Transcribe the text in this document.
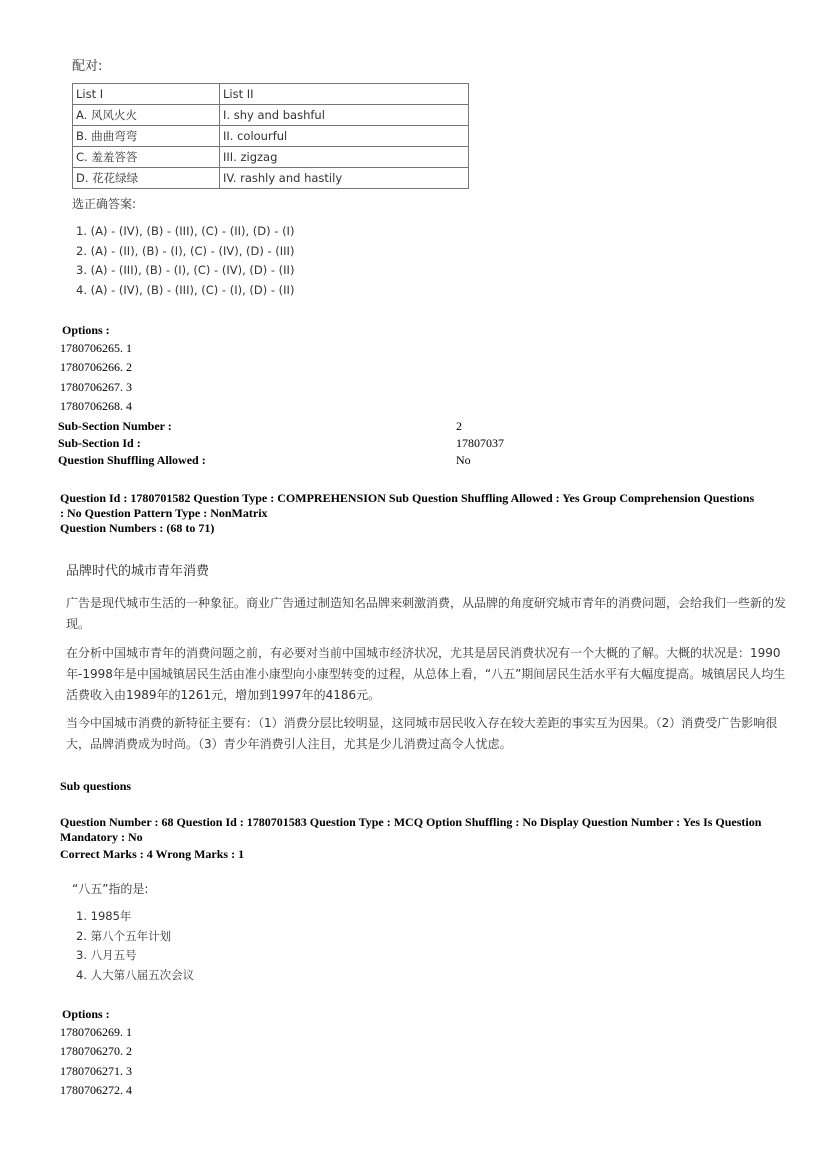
配对:
List I	List II
A. 风风火火	I. shy and bashful
B. 曲曲弯弯	II. colourful
C. 羞羞答答	III. zigzag
D. 花花绿绿	IV. rashly and hastily
选正确答案:
1. (A) - (IV), (B) - (III), (C) - (II), (D) - (I)
2. (A) - (II), (B) - (I), (C) - (IV), (D) - (III)
3. (A) - (III), (B) - (I), (C) - (IV), (D) - (II)
4. (A) - (IV), (B) - (III), (C) - (I), (D) - (II)
Options :
1780706265. 1
1780706266. 2
1780706267. 3
1780706268. 4
Sub-Section Number :	2
Sub-Section Id :	17807037
Question Shuffling Allowed :	No
Question Id : 1780701582 Question Type : COMPREHENSION Sub Question Shuffling Allowed : Yes Group Comprehension Questions : No Question Pattern Type : NonMatrix
Question Numbers : (68 to 71)
品牌时代的城市青年消费
广告是现代城市生活的一种象征。商业广告通过制造知名品牌来刺激消费，从品牌的角度研究城市青年的消费问题，会给我们一些新的发现。
在分析中国城市青年的消费问题之前，有必要对当前中国城市经济状况，尤其是居民消费状况有一个大概的了解。大概的状况是：1990年-1998年是中国城镇居民生活由准小康型向小康型转变的过程，从总体上看，“八五”期间居民生活水平有大幅度提高。城镇居民人均生活费收入由1989年的1261元，增加到1997年的4186元。
当今中国城市消费的新特征主要有：（1）消费分层比较明显，这同城市居民收入存在较大差距的事实互为因果。（2）消费受广告影响很大，品牌消费成为时尚。（3）青少年消费引人注目，尤其是少儿消费过高令人忧虑。
Sub questions
Question Number : 68 Question Id : 1780701583 Question Type : MCQ Option Shuffling : No Display Question Number : Yes Is Question Mandatory : No
Correct Marks : 4 Wrong Marks : 1
“八五”指的是:
1. 1985年
2. 第八个五年计划
3. 八月五号
4. 人大第八届五次会议
Options :
1780706269. 1
1780706270. 2
1780706271. 3
1780706272. 4
